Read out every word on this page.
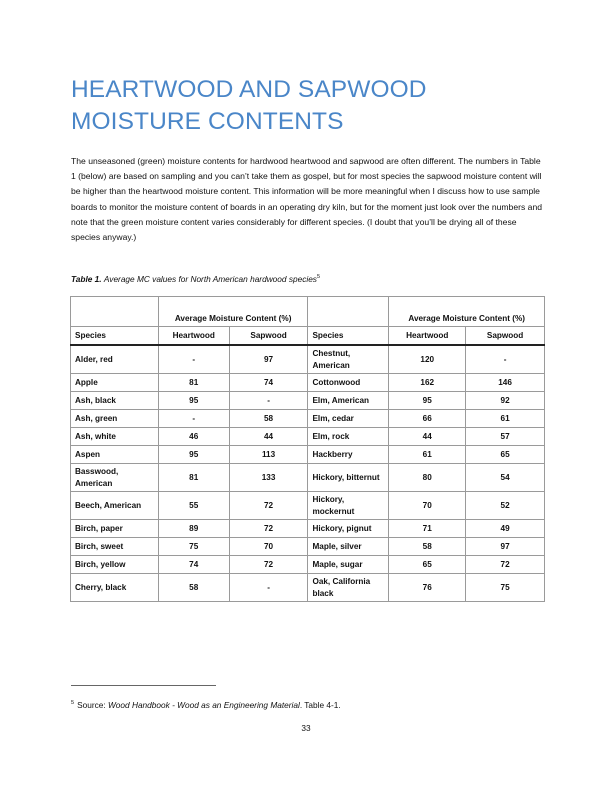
HEARTWOOD AND SAPWOOD MOISTURE CONTENTS
The unseasoned (green) moisture contents for hardwood heartwood and sapwood are often different. The numbers in Table 1 (below) are based on sampling and you can’t take them as gospel, but for most species the sapwood moisture content will be higher than the heartwood moisture content. This information will be more meaningful when I discuss how to use sample boards to monitor the moisture content of boards in an operating dry kiln, but for the moment just look over the numbers and note that the green moisture content varies considerably for different species. (I doubt that you’ll be drying all of these species anyway.)
Table 1. Average MC values for North American hardwood species$^5$
	Average Moisture Content (%)			Average Moisture Content (%)	
Species	Heartwood	Sapwood	Species	Heartwood	Sapwood
Alder, red	-	97	Chestnut, American	120	-
Apple	81	74	Cottonwood	162	146
Ash, black	95	-	Elm, American	95	92
Ash, green	-	58	Elm, cedar	66	61
Ash, white	46	44	Elm, rock	44	57
Aspen	95	113	Hackberry	61	65
Basswood, American	81	133	Hickory, bitternut	80	54
Beech, American	55	72	Hickory, mockernut	70	52
Birch, paper	89	72	Hickory, pignut	71	49
Birch, sweet	75	70	Maple, silver	58	97
Birch, yellow	74	72	Maple, sugar	65	72
Cherry, black	58	-	Oak, California black	76	75
$^5$ Source: Wood Handbook - Wood as an Engineering Material. Table 4-1.
33
